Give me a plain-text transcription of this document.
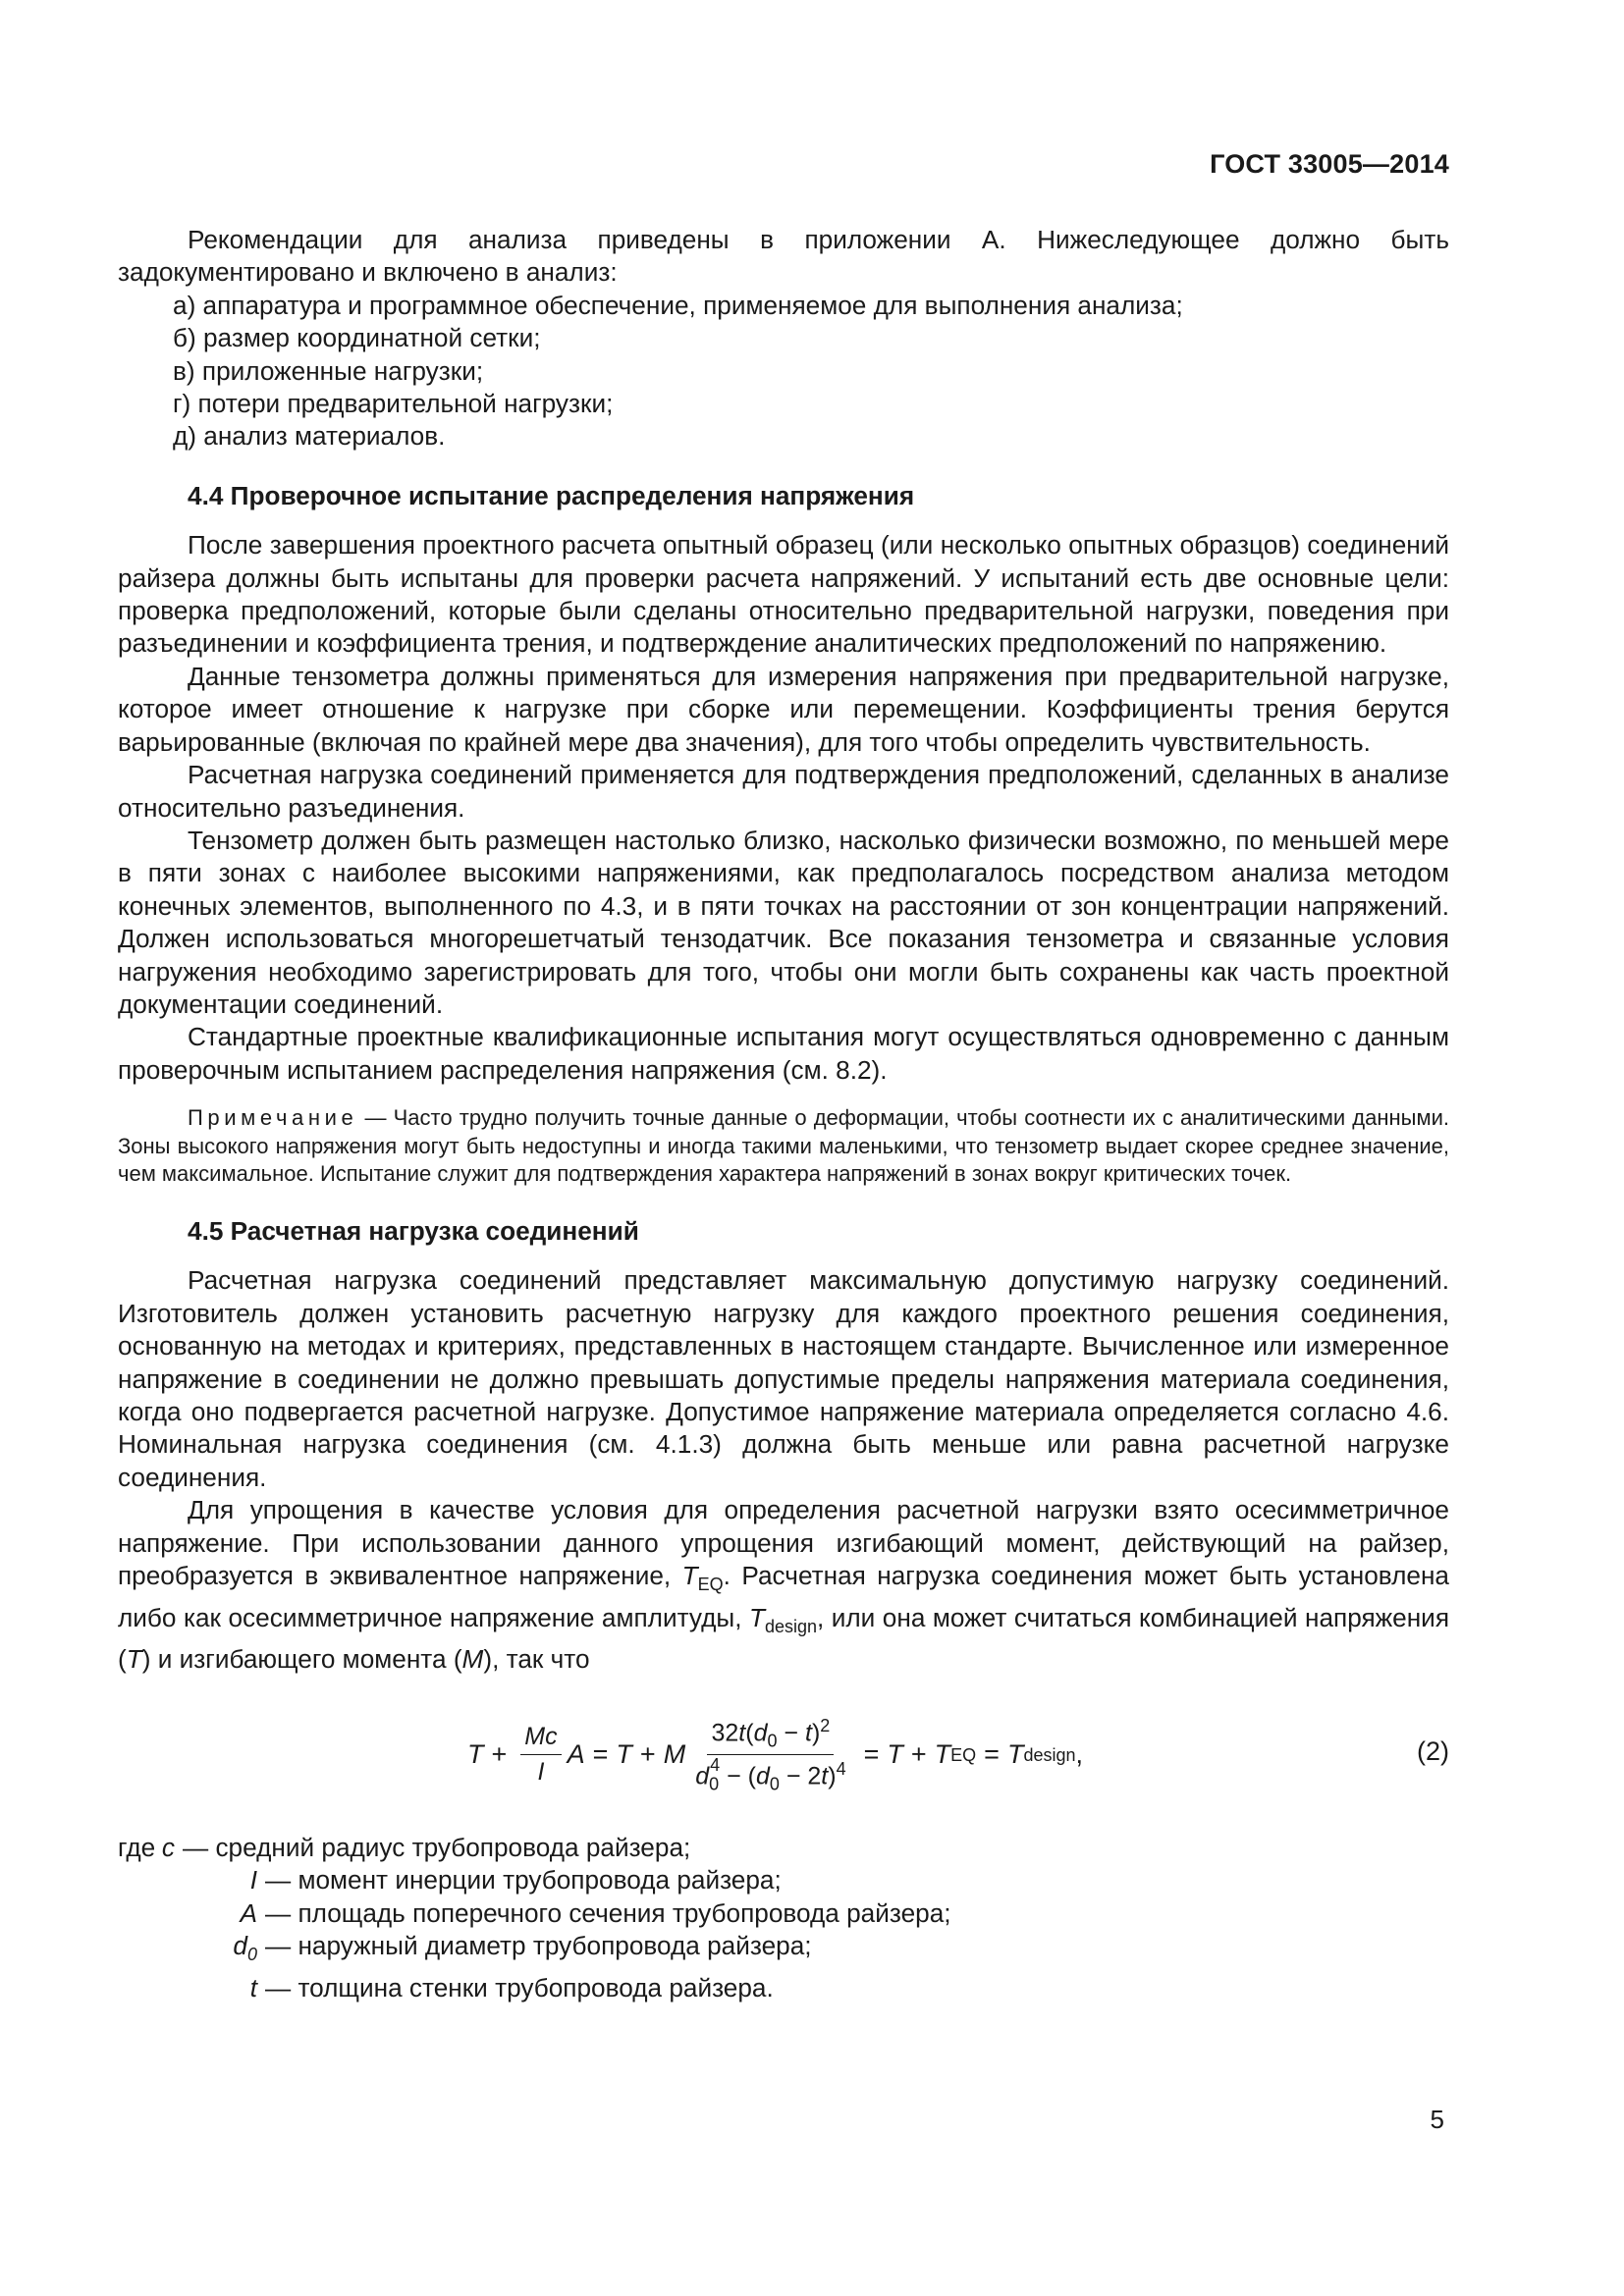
ГОСТ 33005—2014

Рекомендации для анализа приведены в приложении А. Нижеследующее должно быть задокументировано и включено в анализ:

а) аппаратура и программное обеспечение, применяемое для выполнения анализа;

б) размер координатной сетки;

в) приложенные нагрузки;

г) потери предварительной нагрузки;

д) анализ материалов.

4.4 Проверочное испытание распределения напряжения

После завершения проектного расчета опытный образец (или несколько опытных образцов) соединений райзера должны быть испытаны для проверки расчета напряжений. У испытаний есть две основные цели: проверка предположений, которые были сделаны относительно предварительной нагрузки, поведения при разъединении и коэффициента трения, и подтверждение аналитических предположений по напряжению.

Данные тензометра должны применяться для измерения напряжения при предварительной нагрузке, которое имеет отношение к нагрузке при сборке или перемещении. Коэффициенты трения берутся варьированные (включая по крайней мере два значения), для того чтобы определить чувствительность.

Расчетная нагрузка соединений применяется для подтверждения предположений, сделанных в анализе относительно разъединения.

Тензометр должен быть размещен настолько близко, насколько физически возможно, по меньшей мере в пяти зонах с наиболее высокими напряжениями, как предполагалось посредством анализа методом конечных элементов, выполненного по 4.3, и в пяти точках на расстоянии от зон концентрации напряжений. Должен использоваться многорешетчатый тензодатчик. Все показания тензометра и связанные условия нагружения необходимо зарегистрировать для того, чтобы они могли быть сохранены как часть проектной документации соединений.

Стандартные проектные квалификационные испытания могут осуществляться одновременно с данным проверочным испытанием распределения напряжения (см. 8.2).

Примечание — Часто трудно получить точные данные о деформации, чтобы соотнести их с аналитическими данными. Зоны высокого напряжения могут быть недоступны и иногда такими маленькими, что тензометр выдает скорее среднее значение, чем максимальное. Испытание служит для подтверждения характера напряжений в зонах вокруг критических точек.

4.5 Расчетная нагрузка соединений

Расчетная нагрузка соединений представляет максимальную допустимую нагрузку соединений. Изготовитель должен установить расчетную нагрузку для каждого проектного решения соединения, основанную на методах и критериях, представленных в настоящем стандарте. Вычисленное или измеренное напряжение в соединении не должно превышать допустимые пределы напряжения материала соединения, когда оно подвергается расчетной нагрузке. Допустимое напряжение материала определяется согласно 4.6. Номинальная нагрузка соединения (см. 4.1.3) должна быть меньше или равна расчетной нагрузке соединения.

Для упрощения в качестве условия для определения расчетной нагрузки взято осесимметричное напряжение. При использовании данного упрощения изгибающий момент, действующий на райзер, преобразуется в эквивалентное напряжение, $T_{EQ}$. Расчетная нагрузка соединения может быть установлена либо как осесимметричное напряжение амплитуды, $T_{design}$, или она может считаться комбинацией напряжения (T) и изгибающего момента (M), так что

$T + \frac{Mc}{I}$ A = T + M $\frac{32t(d_0 - t)^2}{d_0^4 - (d_0 - 2t)^4} = T + T$ EQ = T design ,	(2)
где c — средний радиус трубопровода райзера;
I — момент инерции трубопровода райзера;
A — площадь поперечного сечения трубопровода райзера;
$d_0$ — наружный диаметр трубопровода райзера;
t — толщина стенки трубопровода райзера.
5
